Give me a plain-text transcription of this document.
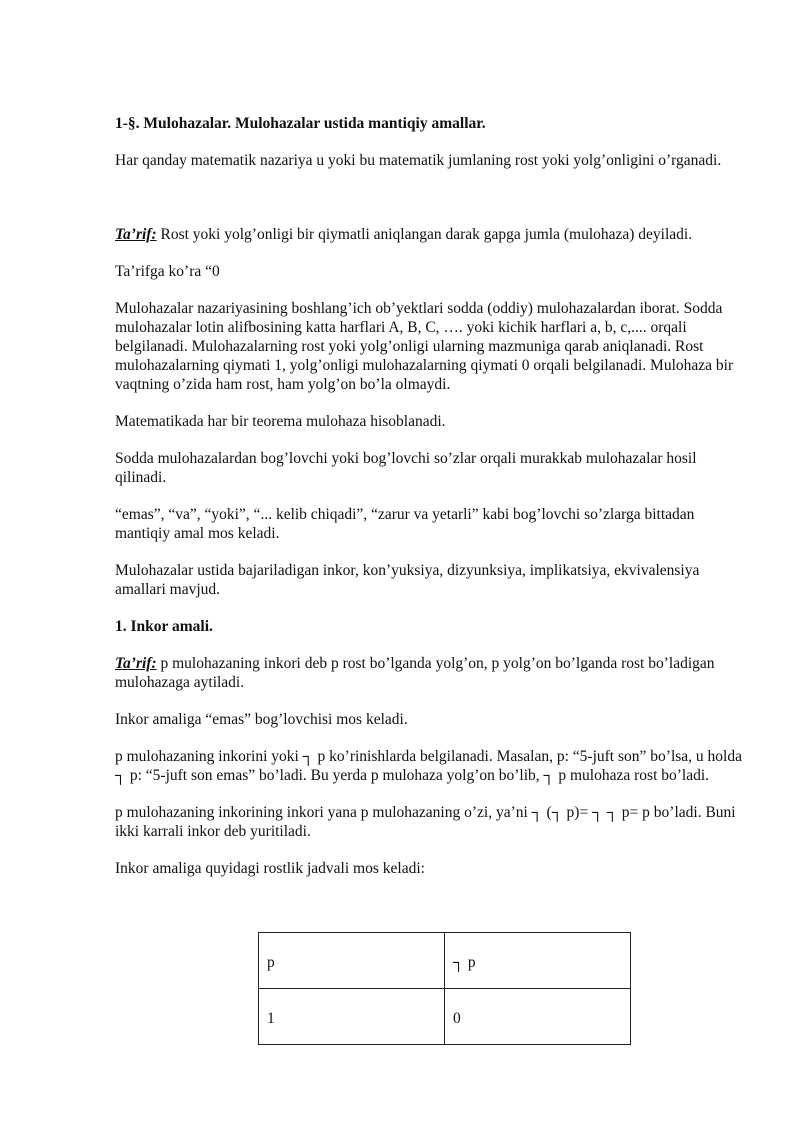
1-§. Mulohazalar. Mulohazalar ustida mantiqiy amallar.

Har qanday matematik nazariya u yoki bu matematik jumlaning rost yoki yolg’onligini o’rganadi.

Ta’rif: Rost yoki yolg’onligi bir qiymatli aniqlangan darak gapga jumla (mulohaza) deyiladi.

Ta’rifga ko’ra “0

Mulohazalar nazariyasining boshlang’ich ob’yektlari sodda (oddiy) mulohazalardan iborat. Sodda mulohazalar lotin alifbosining katta harflari A, B, C, …. yoki kichik harflari a, b, c,.... orqali belgilanadi. Mulohazalarning rost yoki yolg’onligi ularning mazmuniga qarab aniqlanadi. Rost mulohazalarning qiymati 1, yolg’onligi mulohazalarning qiymati 0 orqali belgilanadi. Mulohaza bir vaqtning o’zida ham rost, ham yolg’on bo’la olmaydi.

Matematikada har bir teorema mulohaza hisoblanadi.

Sodda mulohazalardan bog’lovchi yoki bog’lovchi so’zlar orqali murakkab mulohazalar hosil qilinadi.

“emas”, “va”, “yoki”, “... kelib chiqadi”, “zarur va yetarli” kabi bog’lovchi so’zlarga bittadan mantiqiy amal mos keladi.

Mulohazalar ustida bajariladigan inkor, kon’yuksiya, dizyunksiya, implikatsiya, ekvivalensiya amallari mavjud.

1. Inkor amali.

Ta’rif: p mulohazaning inkori deb p rost bo’lganda yolg’on, p yolg’on bo’lganda rost bo’ladigan mulohazaga aytiladi.

Inkor amaliga “emas” bog’lovchisi mos keladi.

p mulohazaning inkorini yoki ┐ p ko’rinishlarda belgilanadi. Masalan, p: “5-juft son” bo’lsa, u holda ┐ p: “5-juft son emas” bo’ladi. Bu yerda p mulohaza yolg’on bo’lib, ┐ p mulohaza rost bo’ladi.

p mulohazaning inkorining inkori yana p mulohazaning o’zi, ya’ni ┐ (┐ p)= ┐ ┐ p= p bo’ladi. Buni ikki karrali inkor deb yuritiladi.

Inkor amaliga quyidagi rostlik jadvali mos keladi:

p	┐ p
1	0
